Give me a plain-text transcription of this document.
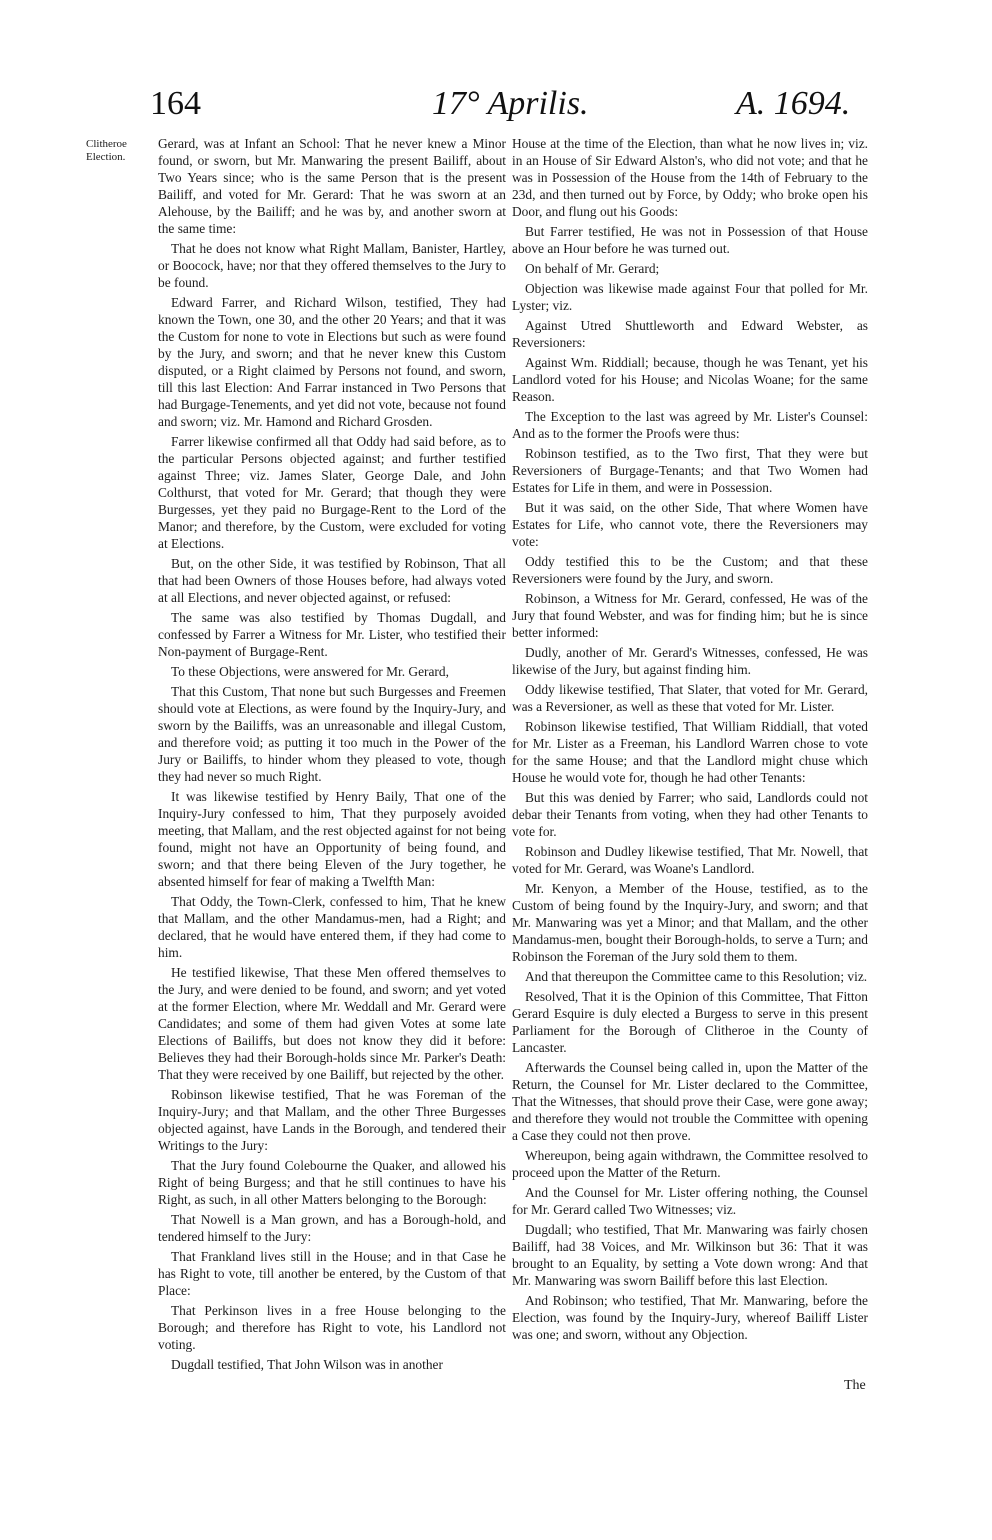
164	17° Aprilis.	A. 1694.
Clitheroe Election.

Gerard, was at Infant an School: That he never knew a Minor found, or sworn, but Mr. Manwaring the present Bailiff, about Two Years since; who is the same Person that is the present Bailiff, and voted for Mr. Gerard: That he was sworn at an Alehouse, by the Bailiff; and he was by, and another sworn at the same time:

That he does not know what Right Mallam, Banister, Hartley, or Boocock, have; nor that they offered themselves to the Jury to be found.

Edward Farrer, and Richard Wilson, testified, They had known the Town, one 30, and the other 20 Years; and that it was the Custom for none to vote in Elections but such as were found by the Jury, and sworn; and that he never knew this Custom disputed, or a Right claimed by Persons not found, and sworn, till this last Election: And Farrar instanced in Two Persons that had Burgage-Tenements, and yet did not vote, because not found and sworn; viz. Mr. Hamond and Richard Grosden.

Farrer likewise confirmed all that Oddy had said before, as to the particular Persons objected against; and further testified against Three; viz. James Slater, George Dale, and John Colthurst, that voted for Mr. Gerard; that though they were Burgesses, yet they paid no Burgage-Rent to the Lord of the Manor; and therefore, by the Custom, were excluded for voting at Elections.

But, on the other Side, it was testified by Robinson, That all that had been Owners of those Houses before, had always voted at all Elections, and never objected against, or refused:

The same was also testified by Thomas Dugdall, and confessed by Farrer a Witness for Mr. Lister, who testified their Non-payment of Burgage-Rent.

To these Objections, were answered for Mr. Gerard,

That this Custom, That none but such Burgesses and Freemen should vote at Elections, as were found by the Inquiry-Jury, and sworn by the Bailiffs, was an unreasonable and illegal Custom, and therefore void; as putting it too much in the Power of the Jury or Bailiffs, to hinder whom they pleased to vote, though they had never so much Right.

It was likewise testified by Henry Baily, That one of the Inquiry-Jury confessed to him, That they purposely avoided meeting, that Mallam, and the rest objected against for not being found, might not have an Opportunity of being found, and sworn; and that there being Eleven of the Jury together, he absented himself for fear of making a Twelfth Man:

That Oddy, the Town-Clerk, confessed to him, That he knew that Mallam, and the other Mandamus-men, had a Right; and declared, that he would have entered them, if they had come to him.

He testified likewise, That these Men offered themselves to the Jury, and were denied to be found, and sworn; and yet voted at the former Election, where Mr. Weddall and Mr. Gerard were Candidates; and some of them had given Votes at some late Elections of Bailiffs, but does not know they did it before: Believes they had their Borough-holds since Mr. Parker's Death: That they were received by one Bailiff, but rejected by the other.

Robinson likewise testified, That he was Foreman of the Inquiry-Jury; and that Mallam, and the other Three Burgesses objected against, have Lands in the Borough, and tendered their Writings to the Jury:

That the Jury found Colebourne the Quaker, and allowed his Right of being Burgess; and that he still continues to have his Right, as such, in all other Matters belonging to the Borough:

That Nowell is a Man grown, and has a Borough-hold, and tendered himself to the Jury:

That Frankland lives still in the House; and in that Case he has Right to vote, till another be entered, by the Custom of that Place:

That Perkinson lives in a free House belonging to the Borough; and therefore has Right to vote, his Landlord not voting.

Dugdall testified, That John Wilson was in another

House at the time of the Election, than what he now lives in; viz. in an House of Sir Edward Alston's, who did not vote; and that he was in Possession of the House from the 14th of February to the 23d, and then turned out by Force, by Oddy; who broke open his Door, and flung out his Goods:

But Farrer testified, He was not in Possession of that House above an Hour before he was turned out.

On behalf of Mr. Gerard;

Objection was likewise made against Four that polled for Mr. Lyster; viz.

Against Utred Shuttleworth and Edward Webster, as Reversioners:

Against Wm. Riddiall; because, though he was Tenant, yet his Landlord voted for his House; and Nicolas Woane; for the same Reason.

The Exception to the last was agreed by Mr. Lister's Counsel: And as to the former the Proofs were thus:

Robinson testified, as to the Two first, That they were but Reversioners of Burgage-Tenants; and that Two Women had Estates for Life in them, and were in Possession.

But it was said, on the other Side, That where Women have Estates for Life, who cannot vote, there the Reversioners may vote:

Oddy testified this to be the Custom; and that these Reversioners were found by the Jury, and sworn.

Robinson, a Witness for Mr. Gerard, confessed, He was of the Jury that found Webster, and was for finding him; but he is since better informed:

Dudly, another of Mr. Gerard's Witnesses, confessed, He was likewise of the Jury, but against finding him.

Oddy likewise testified, That Slater, that voted for Mr. Gerard, was a Reversioner, as well as these that voted for Mr. Lister.

Robinson likewise testified, That William Riddiall, that voted for Mr. Lister as a Freeman, his Landlord Warren chose to vote for the same House; and that the Landlord might chuse which House he would vote for, though he had other Tenants:

But this was denied by Farrer; who said, Landlords could not debar their Tenants from voting, when they had other Tenants to vote for.

Robinson and Dudley likewise testified, That Mr. Nowell, that voted for Mr. Gerard, was Woane's Landlord.

Mr. Kenyon, a Member of the House, testified, as to the Custom of being found by the Inquiry-Jury, and sworn; and that Mr. Manwaring was yet a Minor; and that Mallam, and the other Mandamus-men, bought their Borough-holds, to serve a Turn; and Robinson the Foreman of the Jury sold them to them.

And that thereupon the Committee came to this Resolution; viz.

Resolved, That it is the Opinion of this Committee, That Fitton Gerard Esquire is duly elected a Burgess to serve in this present Parliament for the Borough of Clitheroe in the County of Lancaster.

Afterwards the Counsel being called in, upon the Matter of the Return, the Counsel for Mr. Lister declared to the Committee, That the Witnesses, that should prove their Case, were gone away; and therefore they would not trouble the Committee with opening a Case they could not then prove.

Whereupon, being again withdrawn, the Committee resolved to proceed upon the Matter of the Return.

And the Counsel for Mr. Lister offering nothing, the Counsel for Mr. Gerard called Two Witnesses; viz.

Dugdall; who testified, That Mr. Manwaring was fairly chosen Bailiff, had 38 Voices, and Mr. Wilkinson but 36: That it was brought to an Equality, by setting a Vote down wrong: And that Mr. Manwaring was sworn Bailiff before this last Election.

And Robinson; who testified, That Mr. Manwaring, before the Election, was found by the Inquiry-Jury, whereof Bailiff Lister was one; and sworn, without any Objection.

The
